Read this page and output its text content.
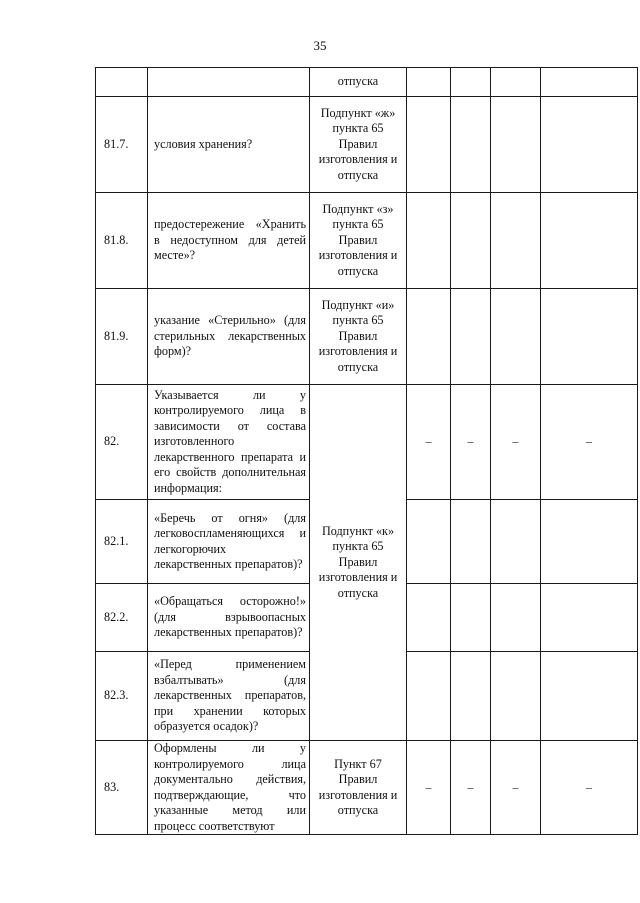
35

		отпуска				

81.7.	условия хранения?	Подпункт «ж»
пункта 65
Правил
изготовления и
отпуска				

81.8.	предостережение «Хранить в недоступном для детей месте»?	Подпункт «з»
пункта 65
Правил
изготовления и
отпуска				

81.9.	указание «Стерильно» (для стерильных лекарственных форм)?	Подпункт «и»
пункта 65
Правил
изготовления и
отпуска				

82.	Указывается ли у контролируемого лица в зависимости от состава изготовленного лекарственного препарата и его свойств дополнительная информация:	Подпункт «к»
пункта 65
Правил
изготовления и
отпуска	–	–	–	–
82.1.	«Беречь от огня» (для легковоспламеняющихся и легкогорючих лекарственных препаратов)?					
82.2.	«Обращаться осторожно!» (для взрывоопасных лекарственных препаратов)?					
82.3.	«Перед применением взбалтывать» (для лекарственных препаратов, при хранении которых образуется осадок)?					
83.	Оформлены ли у контролируемого лица документально действия, подтверждающие, что указанные метод или процесс соответствуют	Пункт 67
Правил
изготовления и
отпуска	–	–	–	–
